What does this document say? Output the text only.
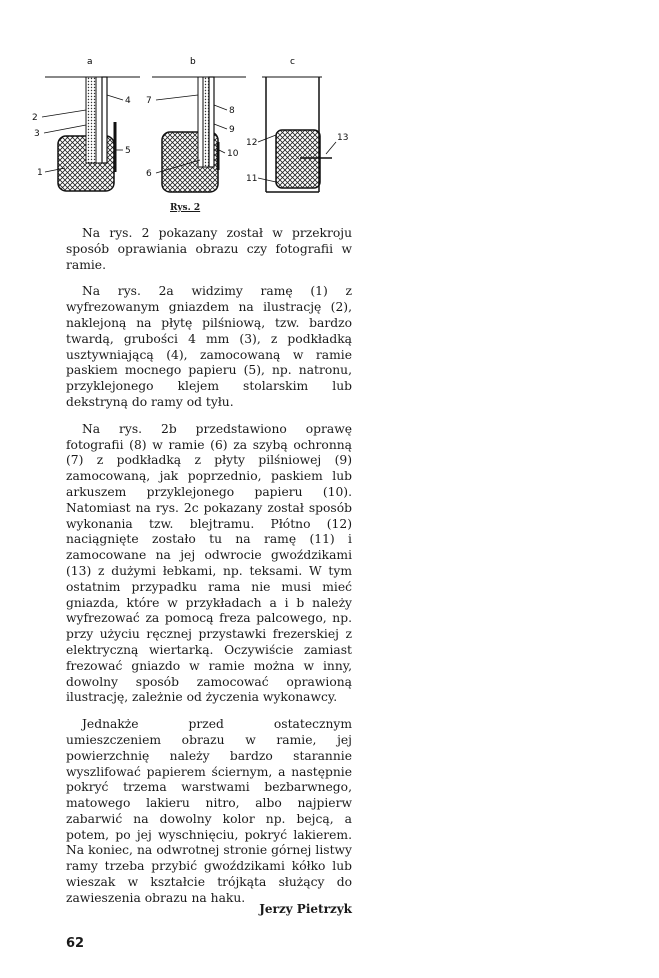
a	b	c
2
3
1
4
5
7
6
8
9
10
12
11
13
Rys. 2

Na rys. 2 pokazany został w przekroju sposób oprawiania obrazu czy fotografii w ramie.

Na rys. 2a widzimy ramę (1) z wyfrezowanym gniazdem na ilustrację (2), naklejoną na płytę pilśniową, tzw. bardzo twardą, grubości 4 mm (3), z podkładką usztywniającą (4), zamocowaną w ramie paskiem mocnego papieru (5), np. natronu, przyklejonego klejem stolarskim lub dekstryną do ramy od tyłu.

Na rys. 2b przedstawiono oprawę fotografii (8) w ramie (6) za szybą ochronną (7) z podkładką z płyty pilśniowej (9) zamocowaną, jak poprzednio, paskiem lub arkuszem przyklejonego papieru (10). Natomiast na rys. 2c pokazany został sposób wykonania tzw. blejtramu. Płótno (12) naciągnięte zostało tu na ramę (11) i zamocowane na jej odwrocie gwoździkami (13) z dużymi łebkami, np. teksami. W tym ostatnim przypadku rama nie musi mieć gniazda, które w przykładach a i b należy wyfrezować za pomocą freza palcowego, np. przy użyciu ręcznej przystawki frezerskiej z elektryczną wiertarką. Oczywiście zamiast frezować gniazdo w ramie można w inny, dowolny sposób zamocować oprawioną ilustrację, zależnie od życzenia wykonawcy.

Jednakże przed ostatecznym umieszczeniem obrazu w ramie, jej powierzchnię należy bardzo starannie wyszlifować papierem ściernym, a następnie pokryć trzema warstwami bezbarwnego, matowego lakieru nitro, albo najpierw zabarwić na dowolny kolor np. bejcą, a potem, po jej wyschnięciu, pokryć lakierem. Na koniec, na odwrotnej stronie górnej listwy ramy trzeba przybić gwoździkami kółko lub wieszak w kształcie trójkąta służący do zawieszenia obrazu na haku.

Jerzy Pietrzyk
62
